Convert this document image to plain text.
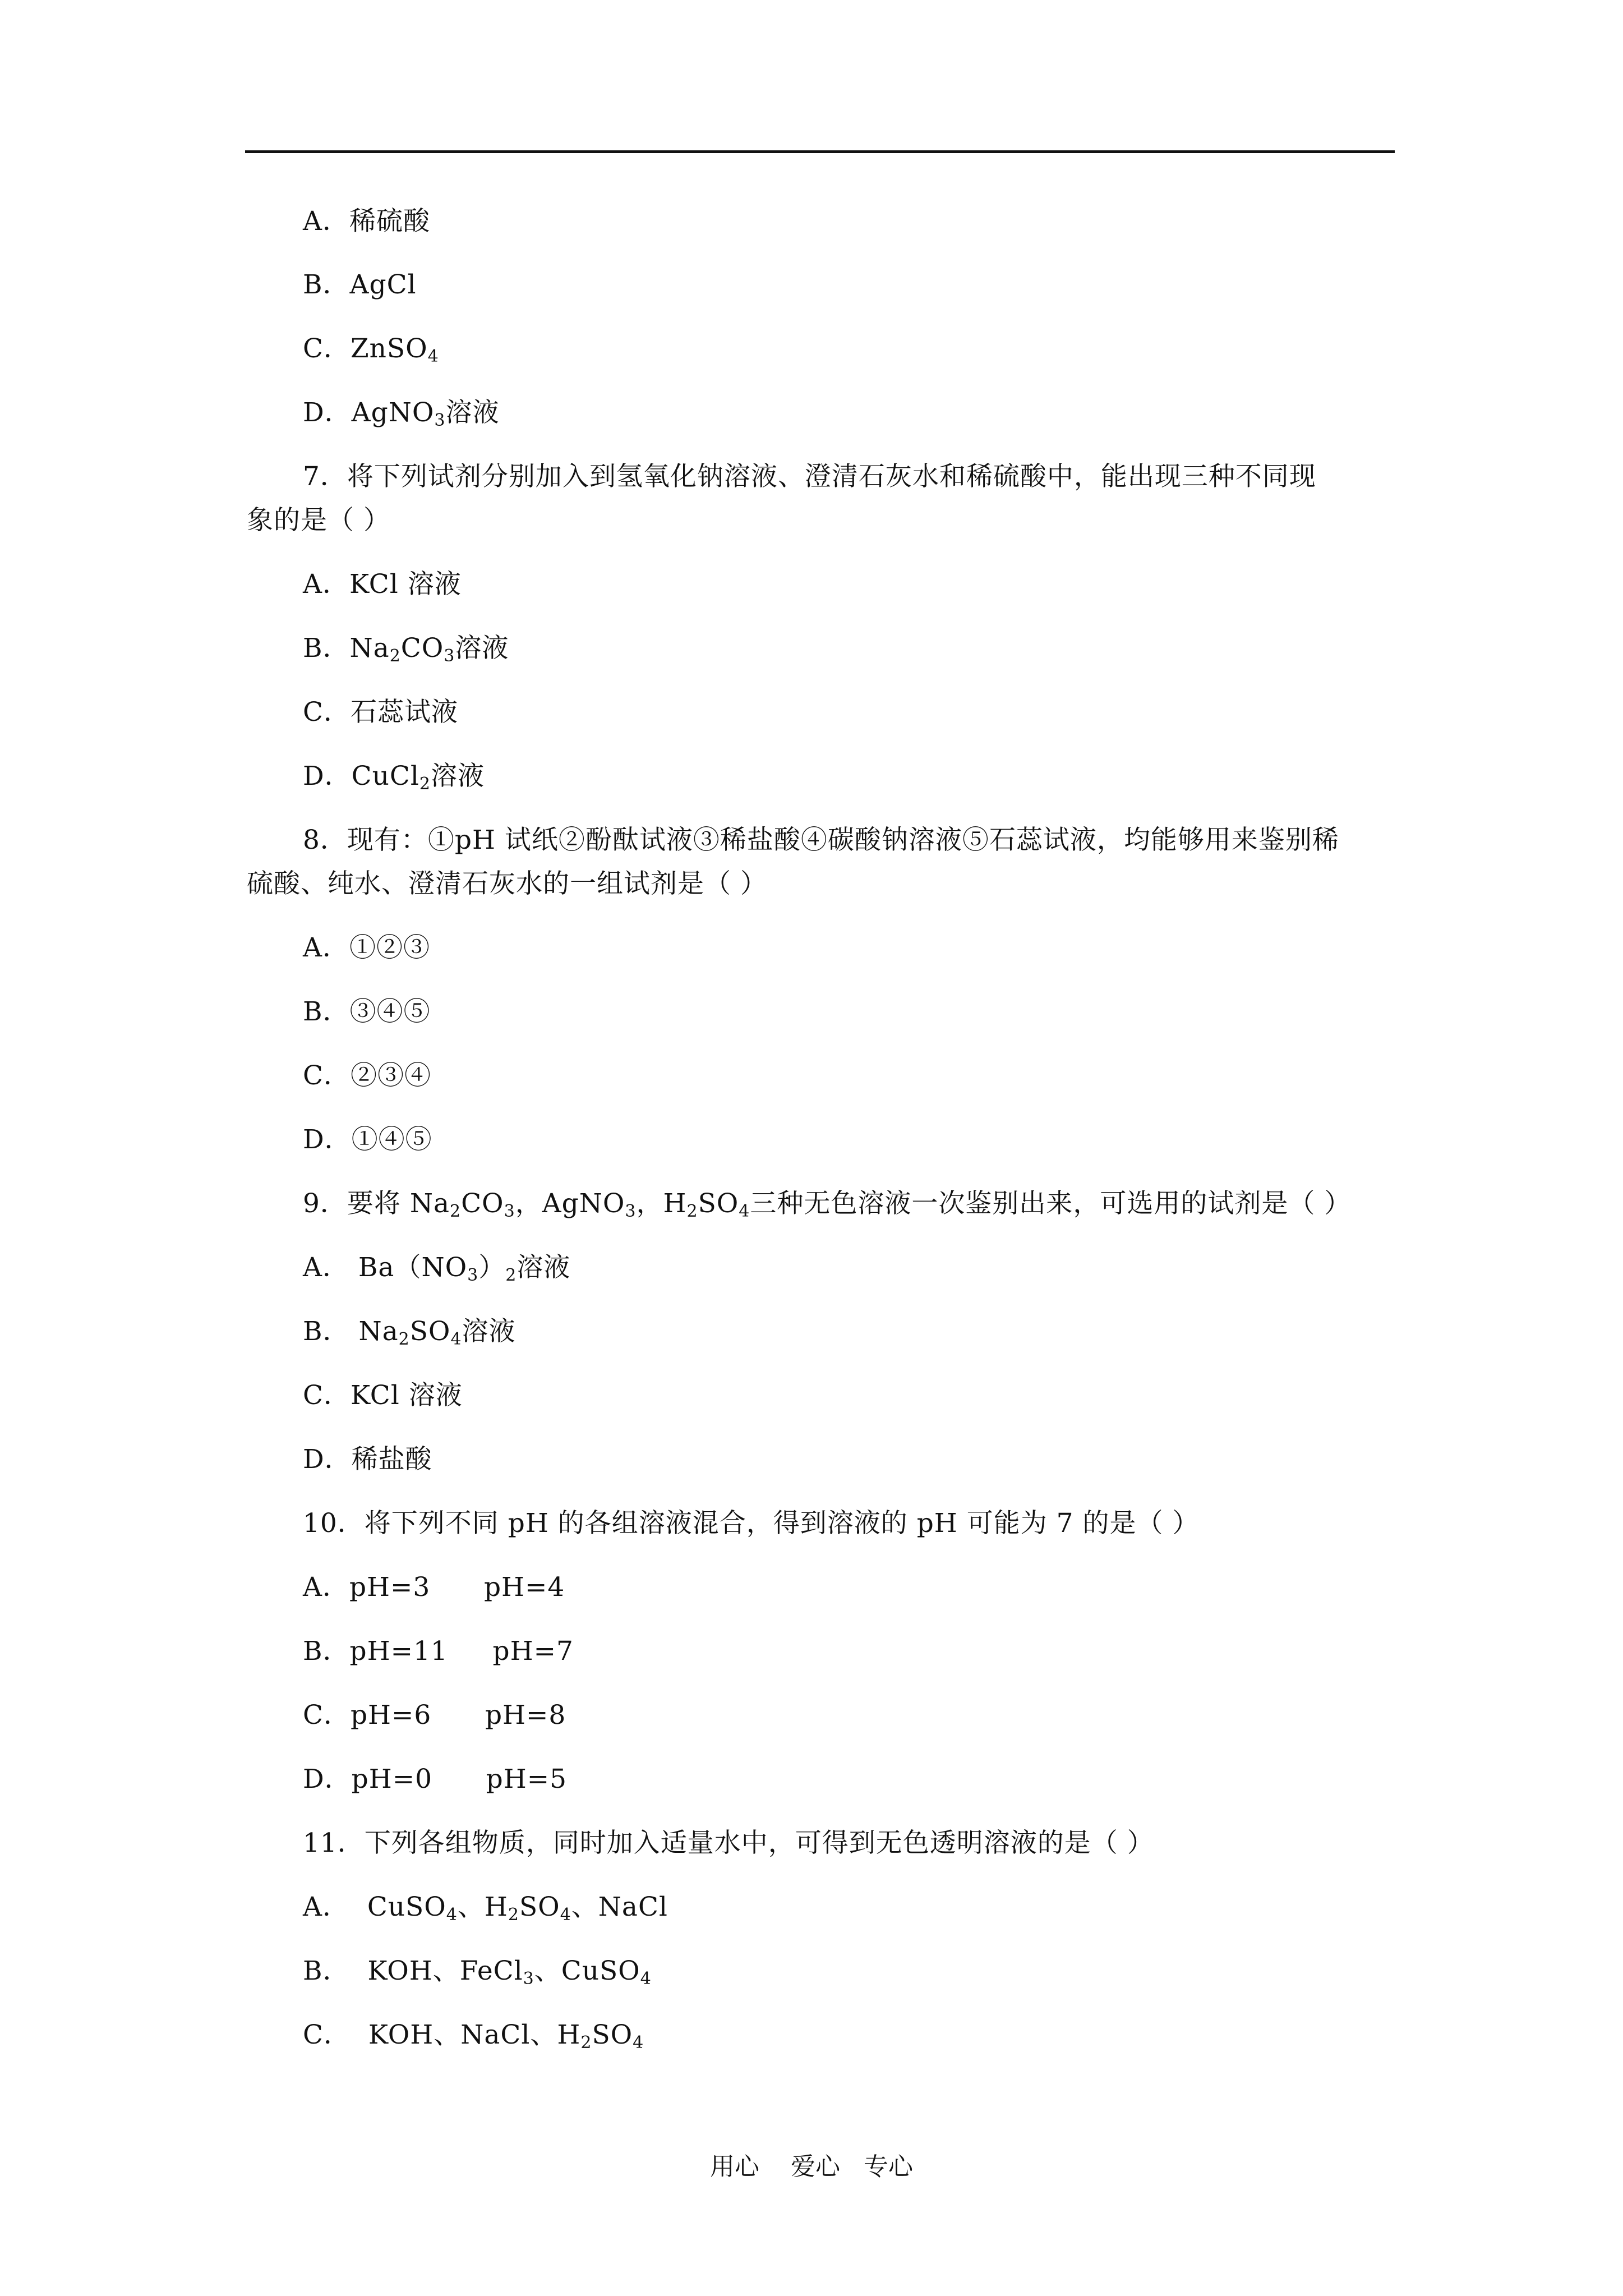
A．稀硫酸
B．AgCl
C．ZnSO$_4$
D．AgNO$_3$溶液
7．将下列试剂分别加入到氢氧化钠溶液、澄清石灰水和稀硫酸中，能出现三种不同现
象的是（ ）
A．KCl 溶液
B．$Na_2CO_3$溶液
C．石蕊试液
D．CuCl$_2$溶液
8．现有：①pH 试纸②酚酞试液③稀盐酸④碳酸钠溶液⑤石蕊试液，均能够用来鉴别稀
硫酸、纯水、澄清石灰水的一组试剂是（ ）
A．①②③
B．③④⑤
C．②③④
D．①④⑤
9．要将 $Na_2CO_3$，AgNO$_3$，$H_2SO_4$三种无色溶液一次鉴别出来，可选用的试剂是（ ）
A． $Ba(NO_3)_2$溶液
B． $Na_2SO_4$溶液
C．KCl 溶液
D．稀盐酸
10．将下列不同 pH 的各组溶液混合，得到溶液的 pH 可能为 7 的是（ ）
A．pH=3      pH=4
B．pH=11     pH=7
C．pH=6      pH=8
D．pH=0      pH=5
11．下列各组物质，同时加入适量水中，可得到无色透明溶液的是（ ）
A．  CuSO$_4$、$H_2SO_4$、NaCl
B．  KOH、FeCl$_3$、CuSO$_4$
C．  KOH、NaCl、$H_2SO_4$
用心    爱心   专心
